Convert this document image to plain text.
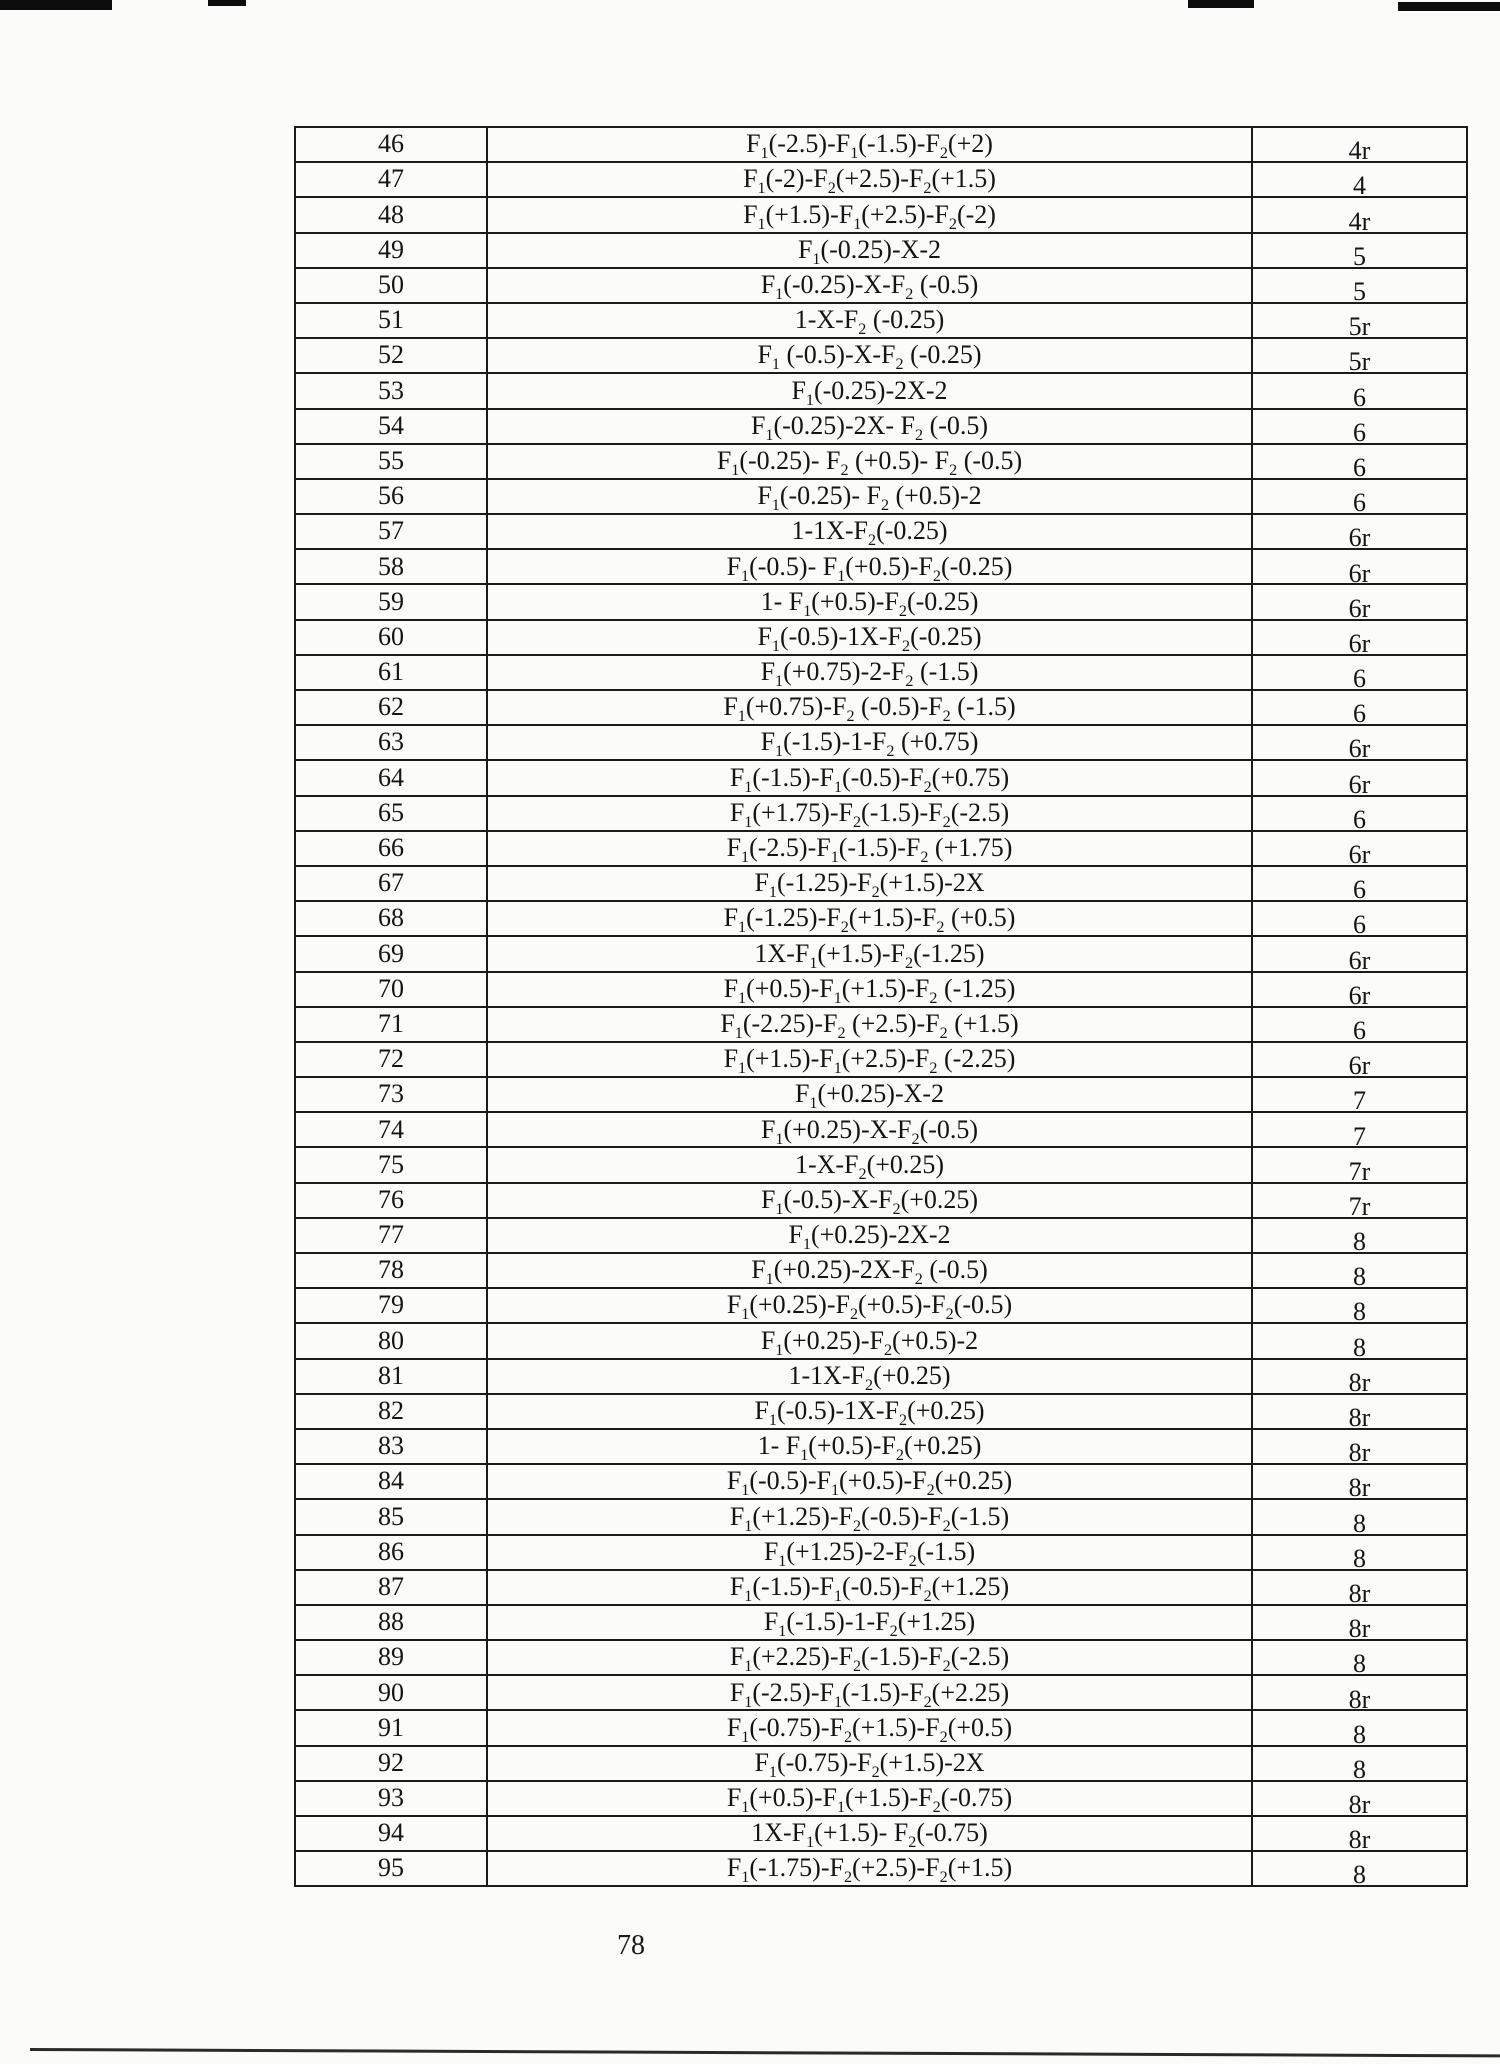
46	$F_1(-2.5)-F_1(-1.5)-F_2(+2)$	4r
47	$F_1(-2)-F_2(+2.5)-F_2(+1.5)$	4
48	$F_1(+1.5)-F_1(+2.5)-F_2(-2)$	4r
49	$F_1(-0.25)-X-2$	5
50	$F_1(-0.25)-X-F_2$ (-0.5)	5
51	$1-X-F_2$ (-0.25)	5r
52	$F_1$ $(-0.5)-X-F_2$ (-0.25)	5r
53	$F_1(-0.25)-2X-2$	6
54	$F_1(-0.25)-2X-$ $F_2$ (-0.5)	6
55	$F_1(-0.25)-$ $F_2$ (+0.5)- $F_2$ (-0.5)	6
56	$F_1(-0.25)-$ $F_2$ (+0.5)-2	6
57	$1-1X-F_2(-0.25)$	6r
58	$F_1(-0.5)-$ $F_1(+0.5)-F_2(-0.25)$	6r
59	1- $F_1(+0.5)-F_2(-0.25)$	6r
60	$F_1(-0.5)-1X-F_2(-0.25)$	6r
61	$F_1(+0.75)-2-F_2$ (-1.5)	6
62	$F_1(+0.75)-F_2$ $(-0.5)-F_2$ (-1.5)	6
63	$F_1(-1.5)-1-F_2$ (+0.75)	6r
64	$F_1(-1.5)-F_1(-0.5)-F_2(+0.75)$	6r
65	$F_1(+1.75)-F_2(-1.5)-F_2(-2.5)$	6
66	$F_1(-2.5)-F_1(-1.5)-F_2$ (+1.75)	6r
67	$F_1(-1.25)-F_2(+1.5)-2X$	6
68	$F_1(-1.25)-F_2(+1.5)-F_2$ (+0.5)	6
69	$1X-F_1(+1.5)-F_2(-1.25)$	6r
70	$F_1(+0.5)-F_1(+1.5)-F_2$ (-1.25)	6r
71	$F_1(-2.25)-F_2$ $(+2.5)-F_2$ (+1.5)	6
72	$F_1(+1.5)-F_1(+2.5)-F_2$ (-2.25)	6r
73	$F_1(+0.25)-X-2$	7
74	$F_1(+0.25)-X-F_2(-0.5)$	7
75	$1-X-F_2(+0.25)$	7r
76	$F_1(-0.5)-X-F_2(+0.25)$	7r
77	$F_1(+0.25)-2X-2$	8
78	$F_1(+0.25)-2X-F_2$ (-0.5)	8
79	$F_1(+0.25)-F_2(+0.5)-F_2(-0.5)$	8
80	$F_1(+0.25)-F_2(+0.5)-2$	8
81	$1-1X-F_2(+0.25)$	8r
82	$F_1(-0.5)-1X-F_2(+0.25)$	8r
83	1- $F_1(+0.5)-F_2(+0.25)$	8r
84	$F_1(-0.5)-F_1(+0.5)-F_2(+0.25)$	8r
85	$F_1(+1.25)-F_2(-0.5)-F_2(-1.5)$	8
86	$F_1(+1.25)-2-F_2(-1.5)$	8
87	$F_1(-1.5)-F_1(-0.5)-F_2(+1.25)$	8r
88	$F_1(-1.5)-1-F_2(+1.25)$	8r
89	$F_1(+2.25)-F_2(-1.5)-F_2(-2.5)$	8
90	$F_1(-2.5)-F_1(-1.5)-F_2(+2.25)$	8r
91	$F_1(-0.75)-F_2(+1.5)-F_2(+0.5)$	8
92	$F_1(-0.75)-F_2(+1.5)-2X$	8
93	$F_1(+0.5)-F_1(+1.5)-F_2(-0.75)$	8r
94	$1X-F_1(+1.5)-$ $F_2(-0.75)$	8r
95	$F_1(-1.75)-F_2(+2.5)-F_2(+1.5)$	8
78
